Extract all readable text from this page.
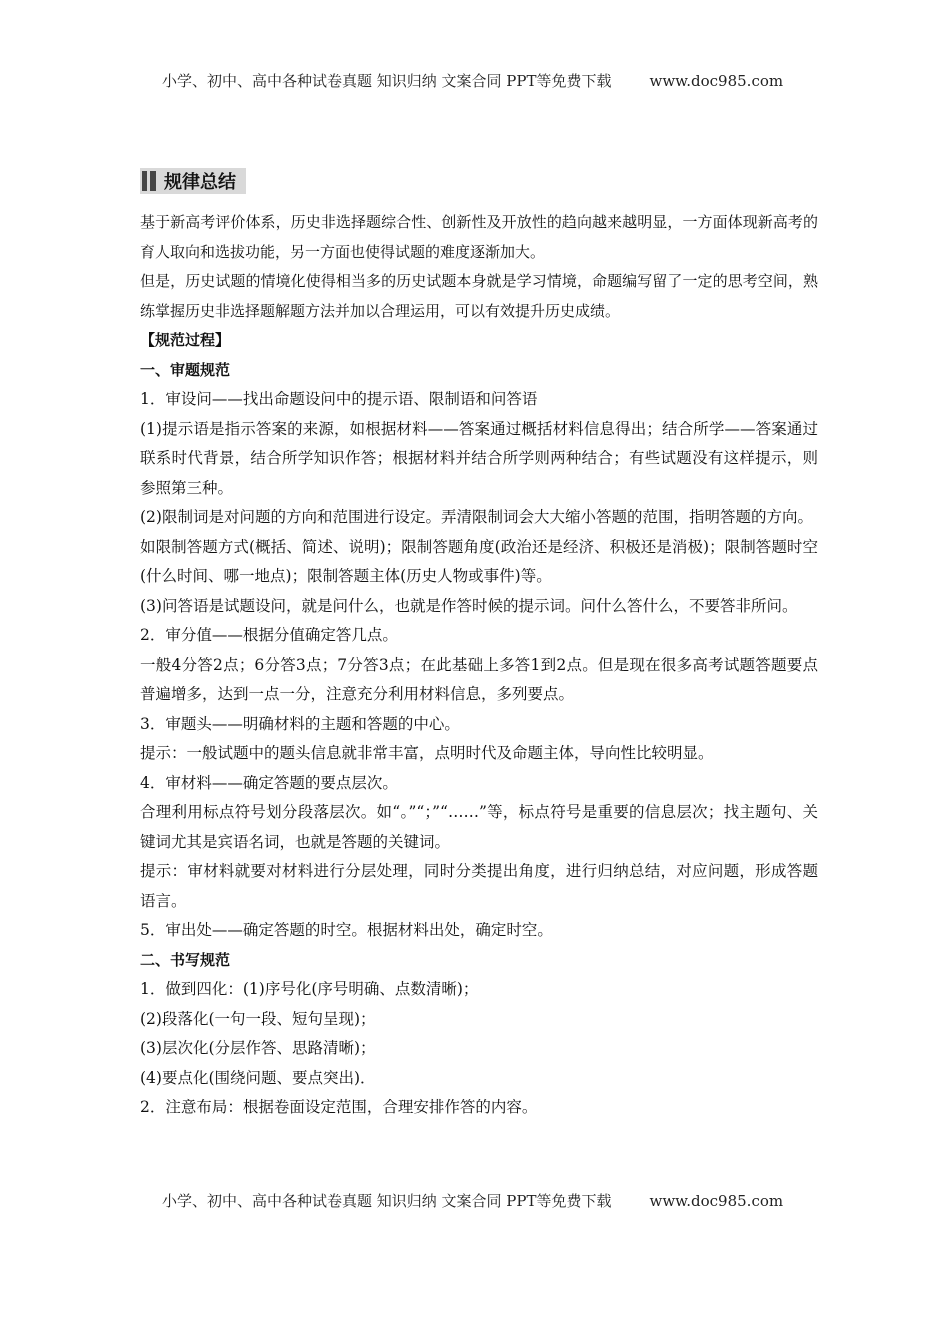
小学、初中、高中各种试卷真题 知识归纳 文案合同 PPT等免费下载	www.doc985.com
规律总结

基于新高考评价体系，历史非选择题综合性、创新性及开放性的趋向越来越明显，一方面体现新高考的育人取向和选拔功能，另一方面也使得试题的难度逐渐加大。

但是，历史试题的情境化使得相当多的历史试题本身就是学习情境，命题编写留了一定的思考空间，熟练掌握历史非选择题解题方法并加以合理运用，可以有效提升历史成绩。

【规范过程】

一、审题规范

1．审设问——找出命题设问中的提示语、限制语和问答语

(1)提示语是指示答案的来源，如根据材料——答案通过概括材料信息得出；结合所学——答案通过联系时代背景，结合所学知识作答；根据材料并结合所学则两种结合；有些试题没有这样提示，则参照第三种。

(2)限制词是对问题的方向和范围进行设定。弄清限制词会大大缩小答题的范围，指明答题的方向。

如限制答题方式(概括、简述、说明)；限制答题角度(政治还是经济、积极还是消极)；限制答题时空(什么时间、哪一地点)；限制答题主体(历史人物或事件)等。

(3)问答语是试题设问，就是问什么，也就是作答时候的提示词。问什么答什么，不要答非所问。

2．审分值——根据分值确定答几点。

一般4分答2点；6分答3点；7分答3点；在此基础上多答1到2点。但是现在很多高考试题答题要点普遍增多，达到一点一分，注意充分利用材料信息，多列要点。

3．审题头——明确材料的主题和答题的中心。

提示：一般试题中的题头信息就非常丰富，点明时代及命题主体，导向性比较明显。

4．审材料——确定答题的要点层次。

合理利用标点符号划分段落层次。如“。”“；”“……”等，标点符号是重要的信息层次；找主题句、关键词尤其是宾语名词，也就是答题的关键词。

提示：审材料就要对材料进行分层处理，同时分类提出角度，进行归纳总结，对应问题，形成答题语言。

5．审出处——确定答题的时空。根据材料出处，确定时空。

二、书写规范

1．做到四化：(1)序号化(序号明确、点数清晰)；

(2)段落化(一句一段、短句呈现)；

(3)层次化(分层作答、思路清晰)；

(4)要点化(围绕问题、要点突出)．

2．注意布局：根据卷面设定范围，合理安排作答的内容。

小学、初中、高中各种试卷真题 知识归纳 文案合同 PPT等免费下载	www.doc985.com
